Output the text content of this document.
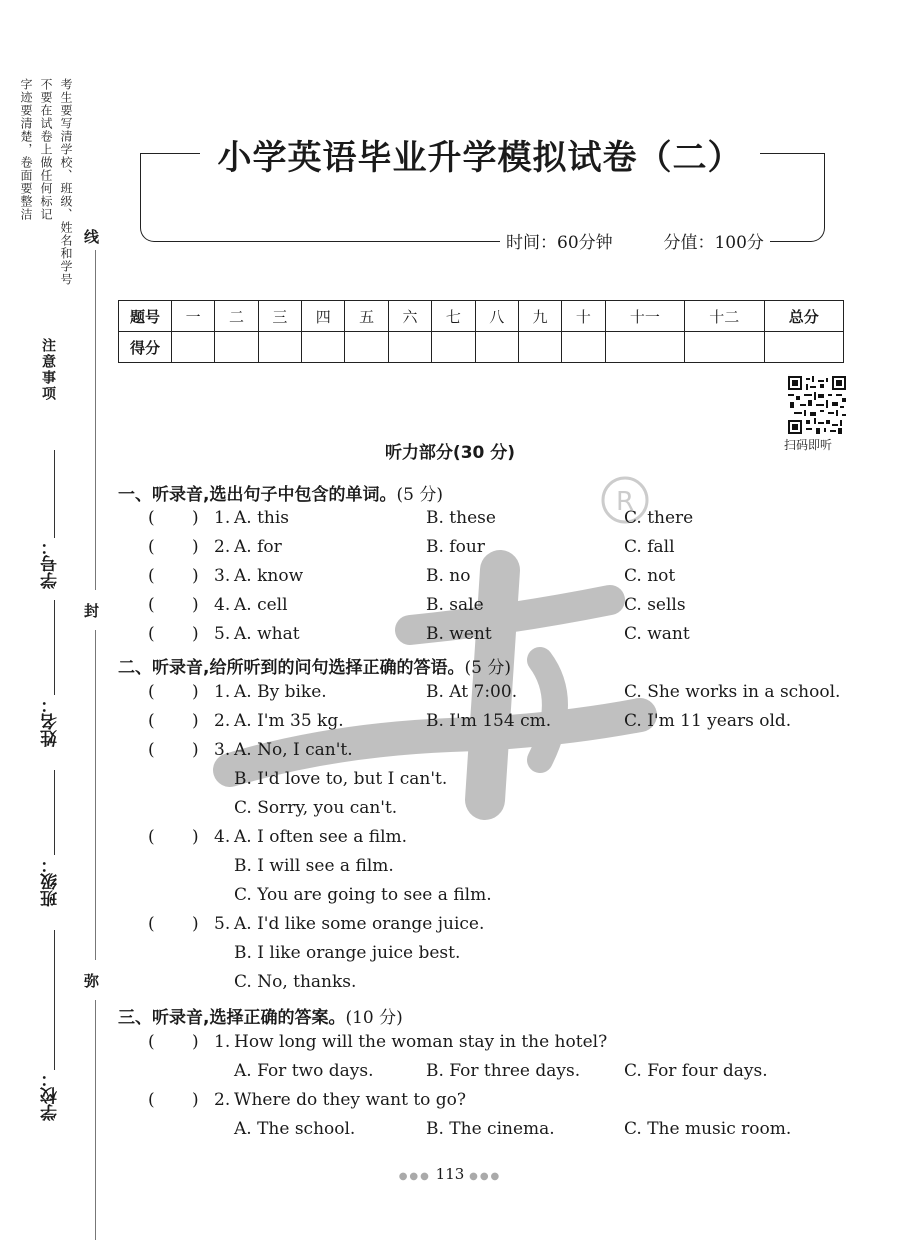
考生要写清学校、班级、姓名和学号
不要在试卷上做任何标记
字迹要清楚，卷面要整洁
注意事项
线
封
弥
学号：
姓名：
班级：
学校：
小学英语毕业升学模拟试卷（二）
时间：60分钟	分值：100分
题号	一	二	三	四	五	六	七	八	九	十	十一	十二	总分
得分													
扫码即听
R
听力部分(30 分)
一、听录音,选出句子中包含的单词。(5 分)
( ) 1. A. this	B. these	C. there
( ) 2. A. for	B. four	C. fall
( ) 3. A. know	B. no	C. not
( ) 4. A. cell	B. sale	C. sells
( ) 5. A. what	B. went	C. want
二、听录音,给所听到的问句选择正确的答语。(5 分)
( ) 1. A. By bike.	B. At 7:00.	C. She works in a school.
( ) 2. A. I'm 35 kg.	B. I'm 154 cm.	C. I'm 11 years old.
( ) 3. A. No, I can't.
B. I'd love to, but I can't.
C. Sorry, you can't.
( ) 4. A. I often see a film.
B. I will see a film.
C. You are going to see a film.
( ) 5. A. I'd like some orange juice.
B. I like orange juice best.
C. No, thanks.
三、听录音,选择正确的答案。(10 分)
( ) 1. How long will the woman stay in the hotel?
A. For two days.	B. For three days.	C. For four days.
( ) 2. Where do they want to go?
A. The school.	B. The cinema.	C. The music room.
●●● 113 ●●●
